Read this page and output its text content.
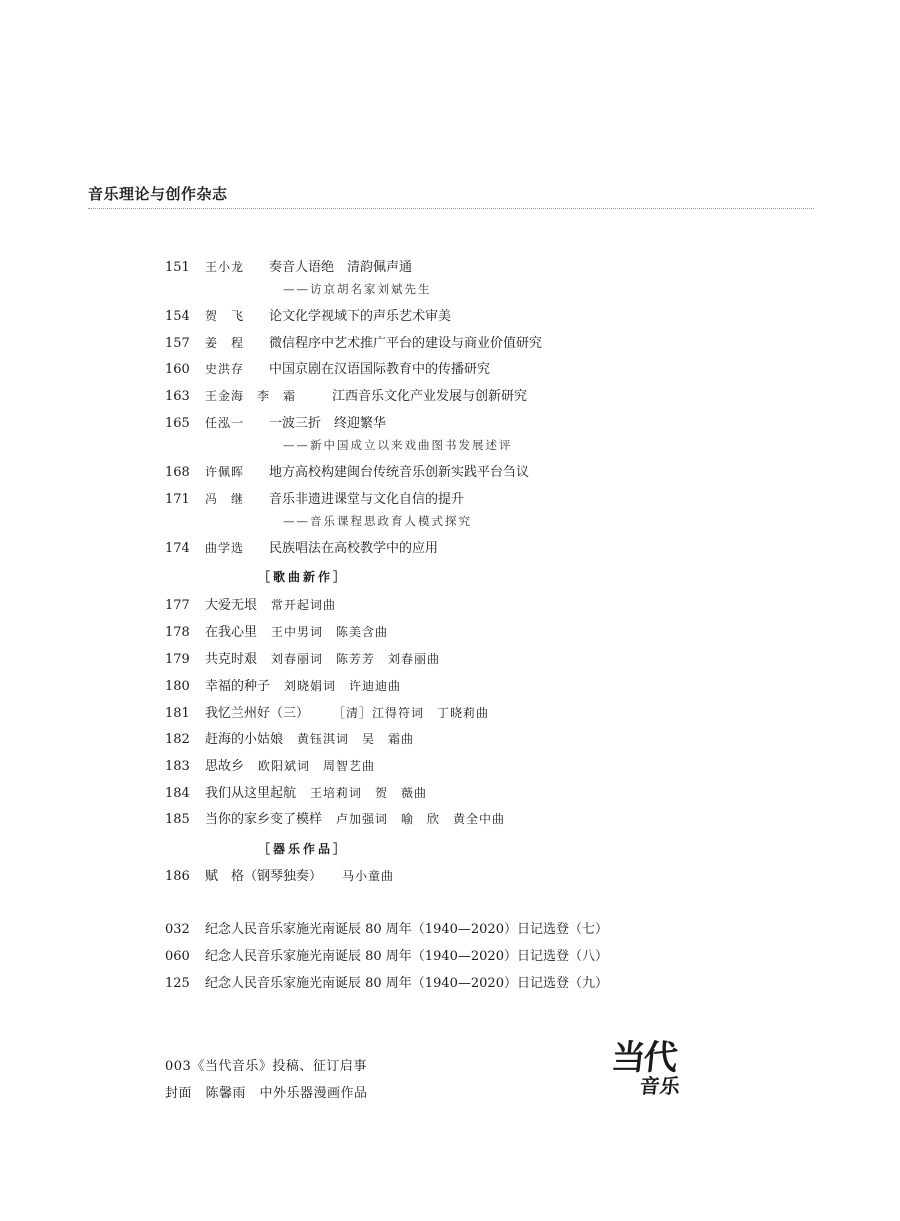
音乐理论与创作杂志
151 王小龙 奏音人语绝　清韵佩声通
——访京胡名家刘斌先生
154 贺　飞 论文化学视域下的声乐艺术审美
157 姜　程 微信程序中艺术推广平台的建设与商业价值研究
160 史洪存 中国京剧在汉语国际教育中的传播研究
163 王金海　李　霜	江西音乐文化产业发展与创新研究
165 任泓一 一波三折　终迎繁华
——新中国成立以来戏曲图书发展述评
168 许佩晖 地方高校构建闽台传统音乐创新实践平台刍议
171 冯　继 音乐非遗进课堂与文化自信的提升
——音乐课程思政育人模式探究
174 曲学选 民族唱法在高校教学中的应用
［歌曲新作］
177 大爱无垠 常开起词曲
178 在我心里 王中男词　陈美含曲
179 共克时艰 刘春丽词　陈芳芳　刘春丽曲
180 幸福的种子 刘晓娟词　许迪迪曲
181 我忆兰州好（三）	［清］江得符词　丁晓莉曲
182 赶海的小姑娘 黄钰淇词　吴　霜曲
183 思故乡 欧阳斌词　周智艺曲
184 我们从这里起航 王培莉词　贺　薇曲
185 当你的家乡变了模样 卢加强词　喻　欣　黄全中曲
［器乐作品］
186 赋　格（钢琴独奏） 马小童曲
032 纪念人民音乐家施光南诞辰 80 周年（1940—2020）日记选登（七）
060 纪念人民音乐家施光南诞辰 80 周年（1940—2020）日记选登（八）
125 纪念人民音乐家施光南诞辰 80 周年（1940—2020）日记选登（九）
003《当代音乐》投稿、征订启事
封面　陈馨雨　中外乐器漫画作品
当代
音乐
